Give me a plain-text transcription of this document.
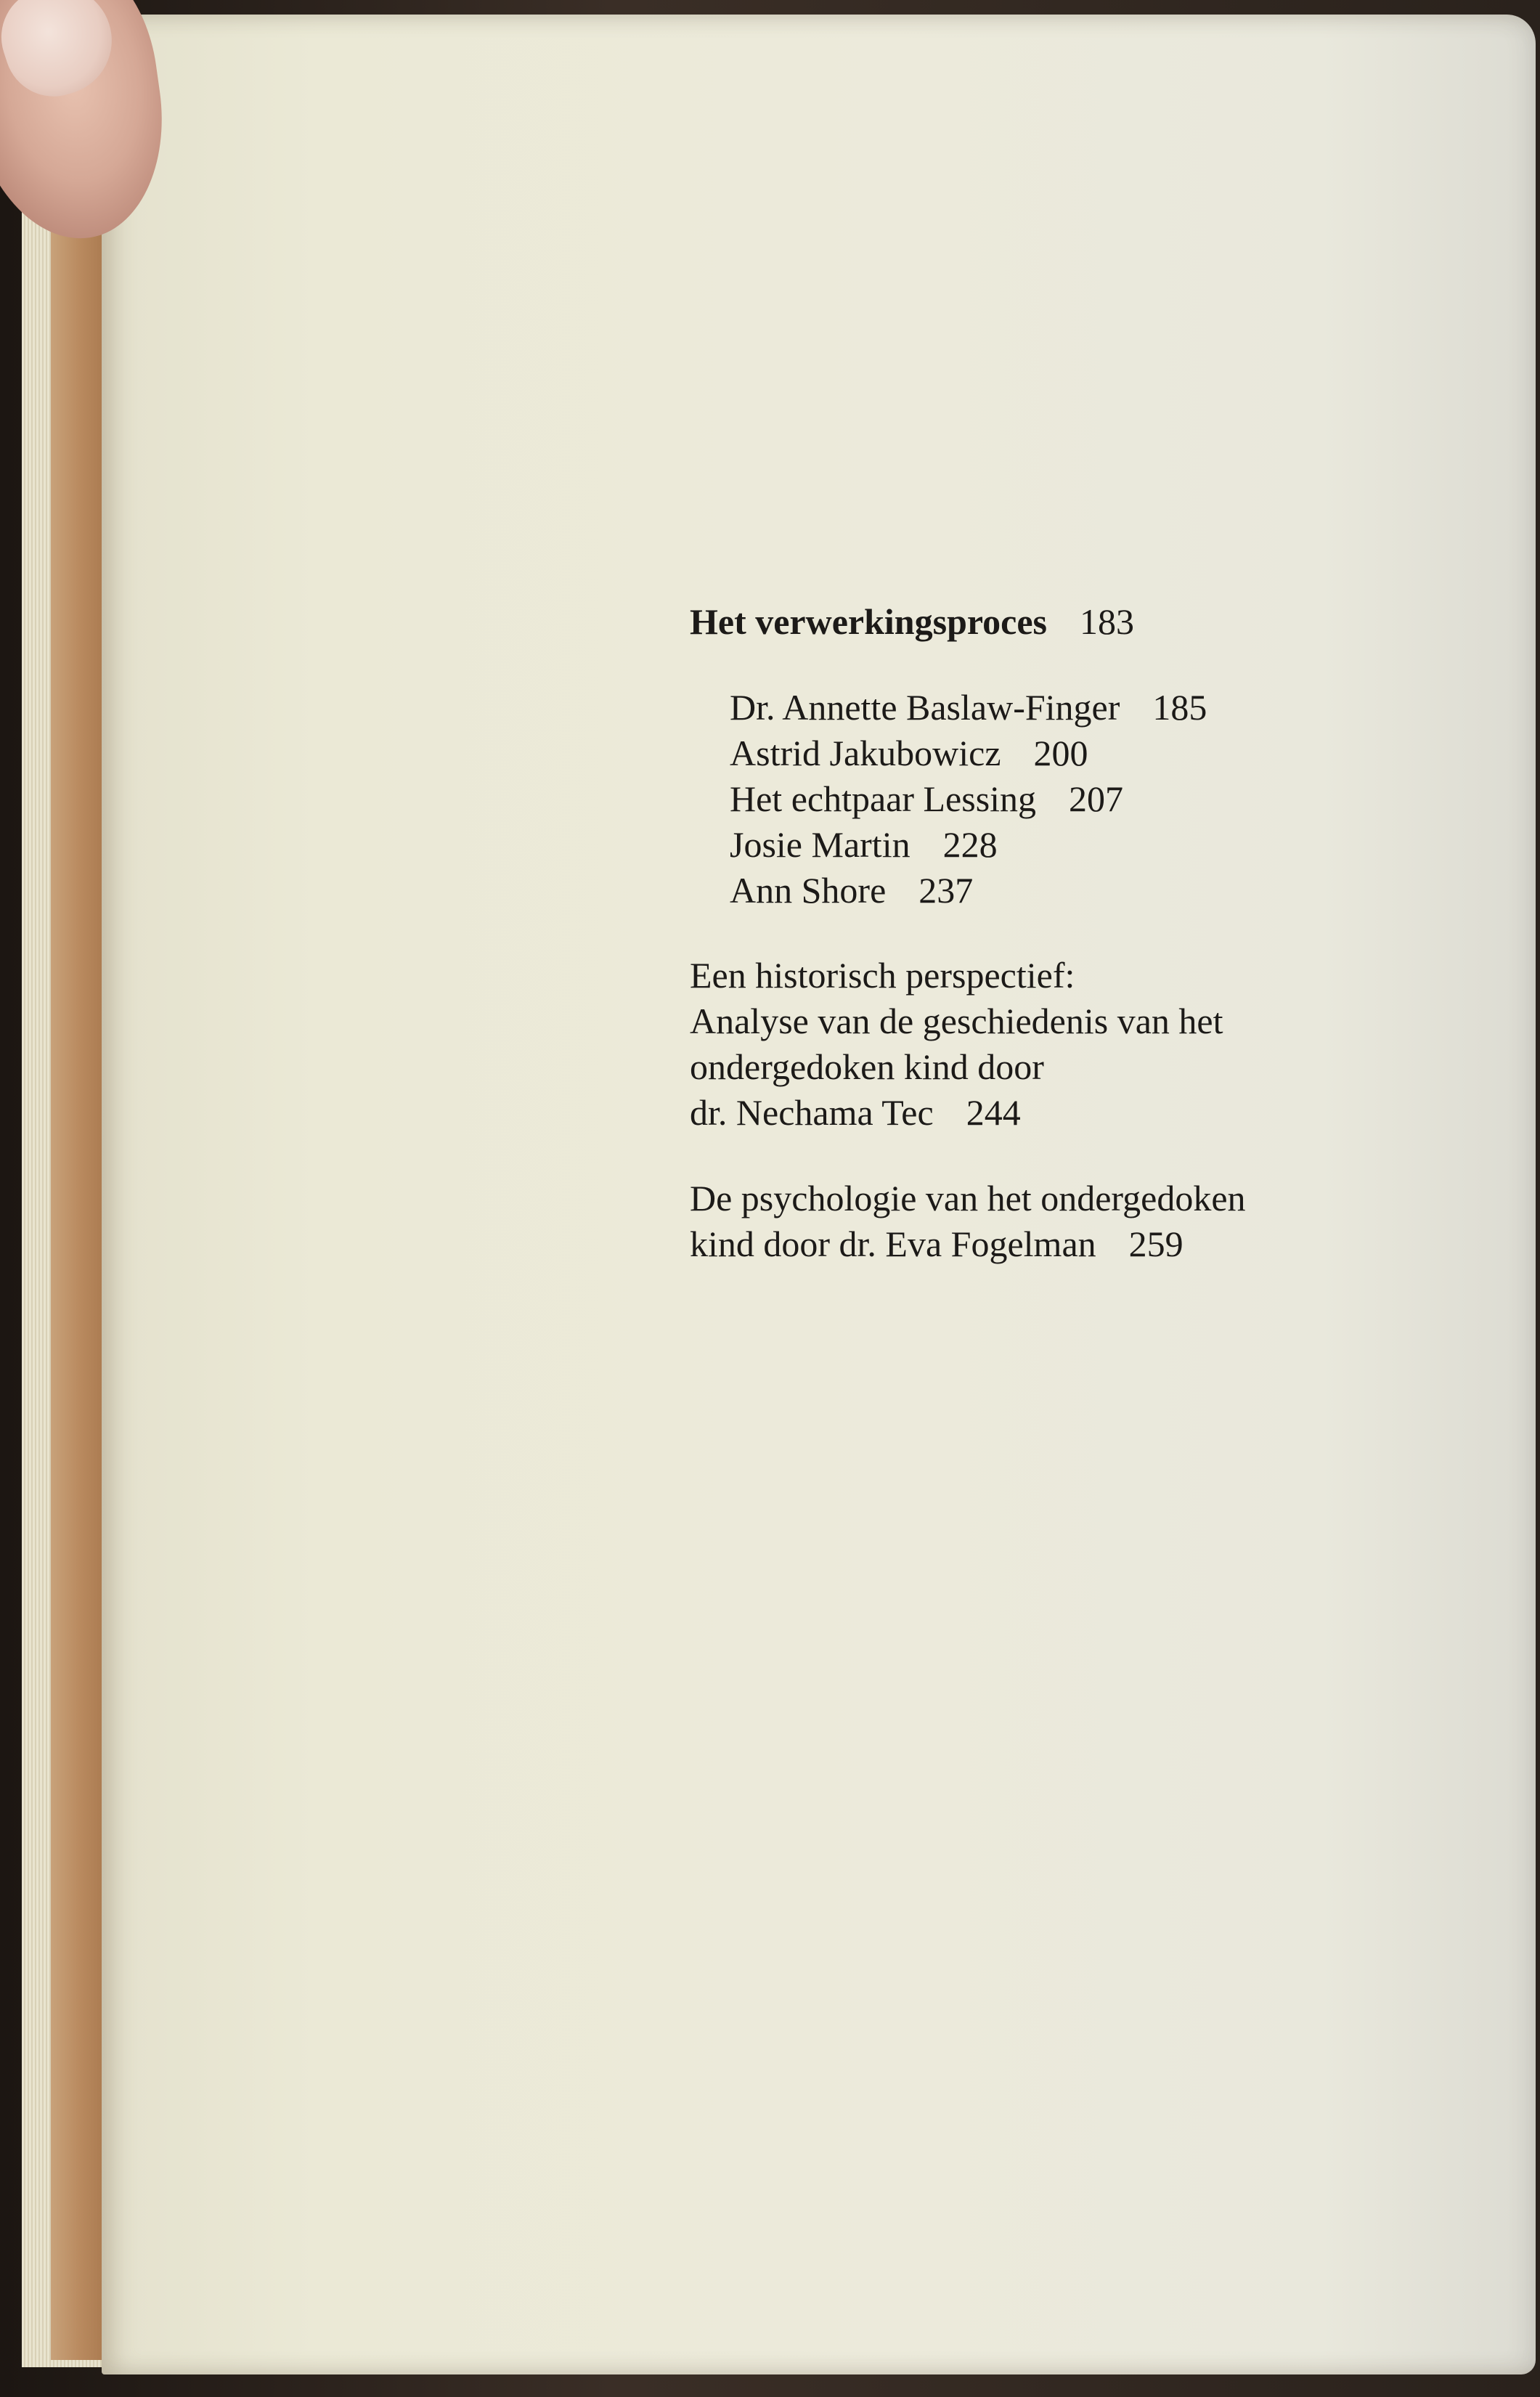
Het verwerkingsproces 183
Dr. Annette Baslaw-Finger 185
Astrid Jakubowicz 200
Het echtpaar Lessing 207
Josie Martin 228
Ann Shore 237
Een historisch perspectief:
Analyse van de geschiedenis van het
ondergedoken kind door
dr. Nechama Tec 244
De psychologie van het ondergedoken
kind door dr. Eva Fogelman 259
